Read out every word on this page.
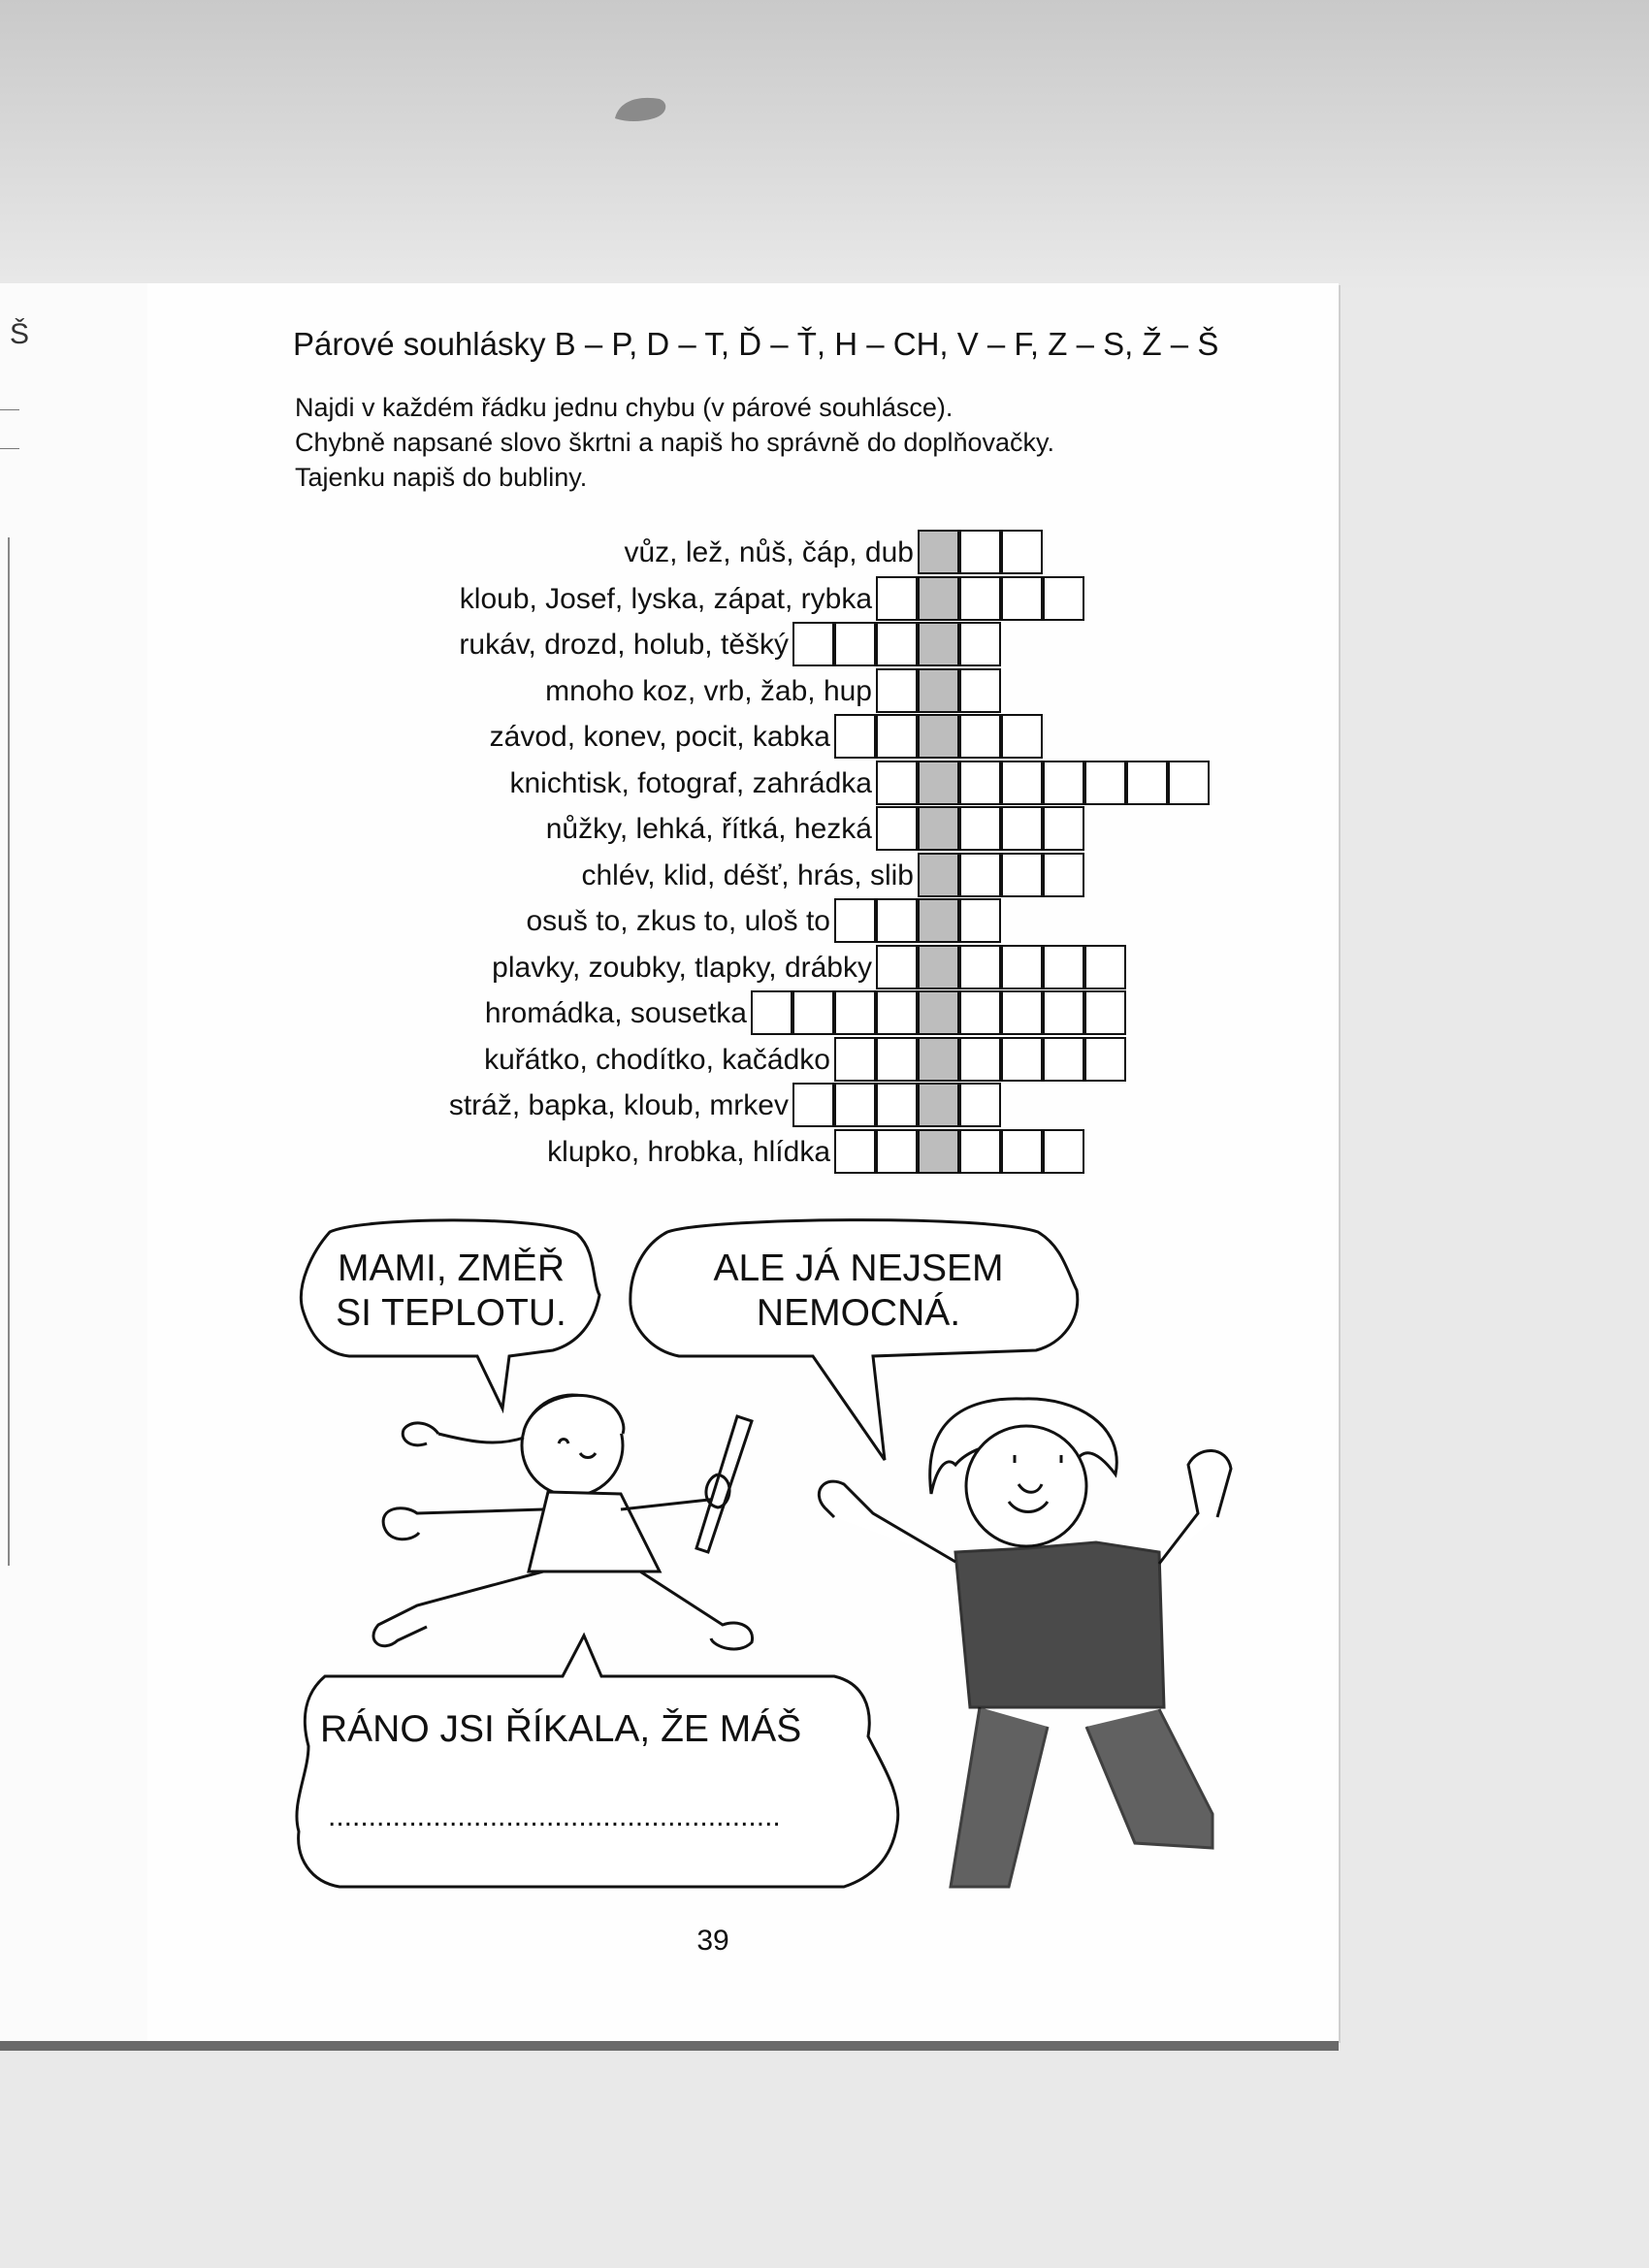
Š	Párové souhlásky B – P, D – T, Ď – Ť, H – CH, V – F, Z – S, Ž – Š
Najdi v každém řádku jednu chybu (v párové souhlásce).
Chybně napsané slovo škrtni a napiš ho správně do doplňovačky.
Tajenku napiš do bubliny.
vůz, lež, nůš, čáp, dub
kloub, Josef, lyska, zápat, rybka
rukáv, drozd, holub, těšký
mnoho koz, vrb, žab, hup
závod, konev, pocit, kabka
knichtisk, fotograf, zahrádka
nůžky, lehká, řítká, hezká
chlév, klid, déšť, hrás, slib
osuš to, zkus to, uloš to
plavky, zoubky, tlapky, drábky
hromádka, sousetka
kuřátko, chodítko, kačádko
stráž, bapka, kloub, mrkev
klupko, hrobka, hlídka
MAMI, ZMĚŘ
SI TEPLOTU.
ALE JÁ NEJSEM
NEMOCNÁ.
RÁNO JSI ŘÍKALA, ŽE MÁŠ
........................................................
39
